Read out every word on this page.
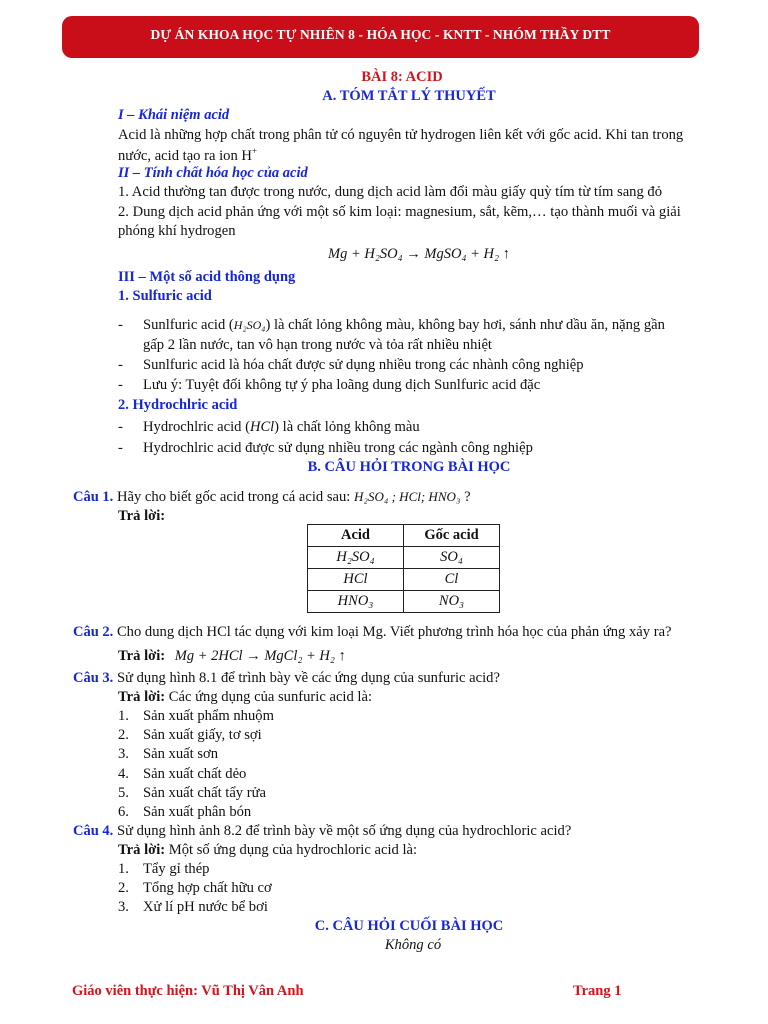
DỰ ÁN KHOA HỌC TỰ NHIÊN 8 - HÓA HỌC - KNTT - NHÓM THẦY DTT
BÀI 8: ACID
A. TÓM TẮT LÝ THUYẾT
I – Khái niệm acid
Acid là những hợp chất trong phân tử có nguyên tử hydrogen liên kết với gốc acid. Khi tan trong
nước, acid tạo ra ion H+
II – Tính chất hóa học của acid
1. Acid thường tan được trong nước, dung dịch acid làm đổi màu giấy quỳ tím từ tím sang đỏ
2. Dung dịch acid phản ứng với một số kim loại: magnesium, sắt, kẽm,… tạo thành muối và giải
phóng khí hydrogen
Mg + H₂SO₄ → MgSO₄ + H₂ ↑
III – Một số acid thông dụng
1. Sulfuric acid
- Sunlfuric acid (H₂SO₄) là chất lỏng không màu, không bay hơi, sánh như dầu ăn, nặng gần
gấp 2 lần nước, tan vô hạn trong nước và tỏa rất nhiều nhiệt
- Sunlfuric acid là hóa chất được sử dụng nhiều trong các nhành công nghiệp
- Lưu ý: Tuyệt đối không tự ý pha loãng dung dịch Sunlfuric acid đặc
2. Hydrochlric acid
- Hydrochlric acid (HCl) là chất lỏng không màu
- Hydrochlric acid được sử dụng nhiều trong các ngành công nghiệp
B. CÂU HỎI TRONG BÀI HỌC
Câu 1. Hãy cho biết gốc acid trong cá acid sau: H₂SO₄ ; HCl; HNO₃ ?
Trả lời:
Acid	Gốc acid
H₂SO₄	SO₄
HCl	Cl
HNO₃	NO₃
Câu 2. Cho dung dịch HCl tác dụng với kim loại Mg. Viết phương trình hóa học của phản ứng xảy ra?
Trả lời: Mg + 2HCl → MgCl₂ + H₂ ↑
Câu 3. Sử dụng hình 8.1 để trình bày về các ứng dụng của sunfuric acid?
Trả lời: Các ứng dụng của sunfuric acid là:
1. Sản xuất phẩm nhuộm
2. Sản xuất giấy, tơ sợi
3. Sản xuất sơn
4. Sản xuất chất dẻo
5. Sản xuất chất tẩy rửa
6. Sản xuất phân bón
Câu 4. Sử dụng hình ảnh 8.2 để trình bày về một số ứng dụng của hydrochloric acid?
Trả lời: Một số ứng dụng của hydrochloric acid là:
1. Tẩy gỉ thép
2. Tổng hợp chất hữu cơ
3. Xử lí pH nước bể bơi
C. CÂU HỎI CUỐI BÀI HỌC
Không có
Giáo viên thực hiện: Vũ Thị Vân Anh	Trang 1
